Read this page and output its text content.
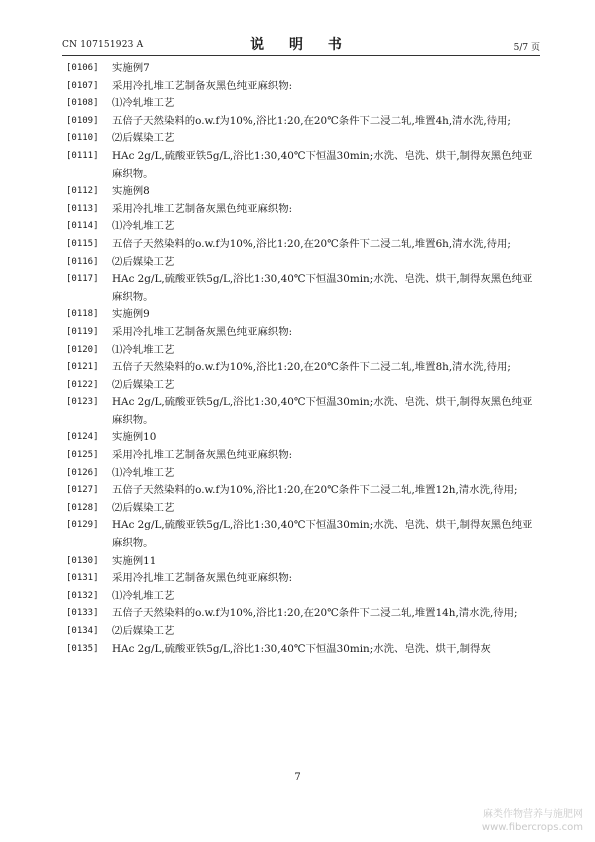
CN 107151923 A	说 明 书	5/7 页
[0106]	实施例7
[0107]	采用冷扎堆工艺制备灰黑色纯亚麻织物:
[0108]	⑴冷轧堆工艺
[0109]	五倍子天然染料的o.w.f为10%,浴比1:20,在20℃条件下二浸二轧,堆置4h,清水洗,待用;
[0110]	⑵后媒染工艺
[0111]	HAc 2g/L,硫酸亚铁5g/L,浴比1:30,40℃下恒温30min;水洗、皂洗、烘干,制得灰黑色纯亚麻织物。
[0112]	实施例8
[0113]	采用冷扎堆工艺制备灰黑色纯亚麻织物:
[0114]	⑴冷轧堆工艺
[0115]	五倍子天然染料的o.w.f为10%,浴比1:20,在20℃条件下二浸二轧,堆置6h,清水洗,待用;
[0116]	⑵后媒染工艺
[0117]	HAc 2g/L,硫酸亚铁5g/L,浴比1:30,40℃下恒温30min;水洗、皂洗、烘干,制得灰黑色纯亚麻织物。
[0118]	实施例9
[0119]	采用冷扎堆工艺制备灰黑色纯亚麻织物:
[0120]	⑴冷轧堆工艺
[0121]	五倍子天然染料的o.w.f为10%,浴比1:20,在20℃条件下二浸二轧,堆置8h,清水洗,待用;
[0122]	⑵后媒染工艺
[0123]	HAc 2g/L,硫酸亚铁5g/L,浴比1:30,40℃下恒温30min;水洗、皂洗、烘干,制得灰黑色纯亚麻织物。
[0124]	实施例10
[0125]	采用冷扎堆工艺制备灰黑色纯亚麻织物:
[0126]	⑴冷轧堆工艺
[0127]	五倍子天然染料的o.w.f为10%,浴比1:20,在20℃条件下二浸二轧,堆置12h,清水洗,待用;
[0128]	⑵后媒染工艺
[0129]	HAc 2g/L,硫酸亚铁5g/L,浴比1:30,40℃下恒温30min;水洗、皂洗、烘干,制得灰黑色纯亚麻织物。
[0130]	实施例11
[0131]	采用冷扎堆工艺制备灰黑色纯亚麻织物:
[0132]	⑴冷轧堆工艺
[0133]	五倍子天然染料的o.w.f为10%,浴比1:20,在20℃条件下二浸二轧,堆置14h,清水洗,待用;
[0134]	⑵后媒染工艺
[0135]	HAc 2g/L,硫酸亚铁5g/L,浴比1:30,40℃下恒温30min;水洗、皂洗、烘干,制得灰
7
麻类作物营养与施肥网
www.fibercrops.com
